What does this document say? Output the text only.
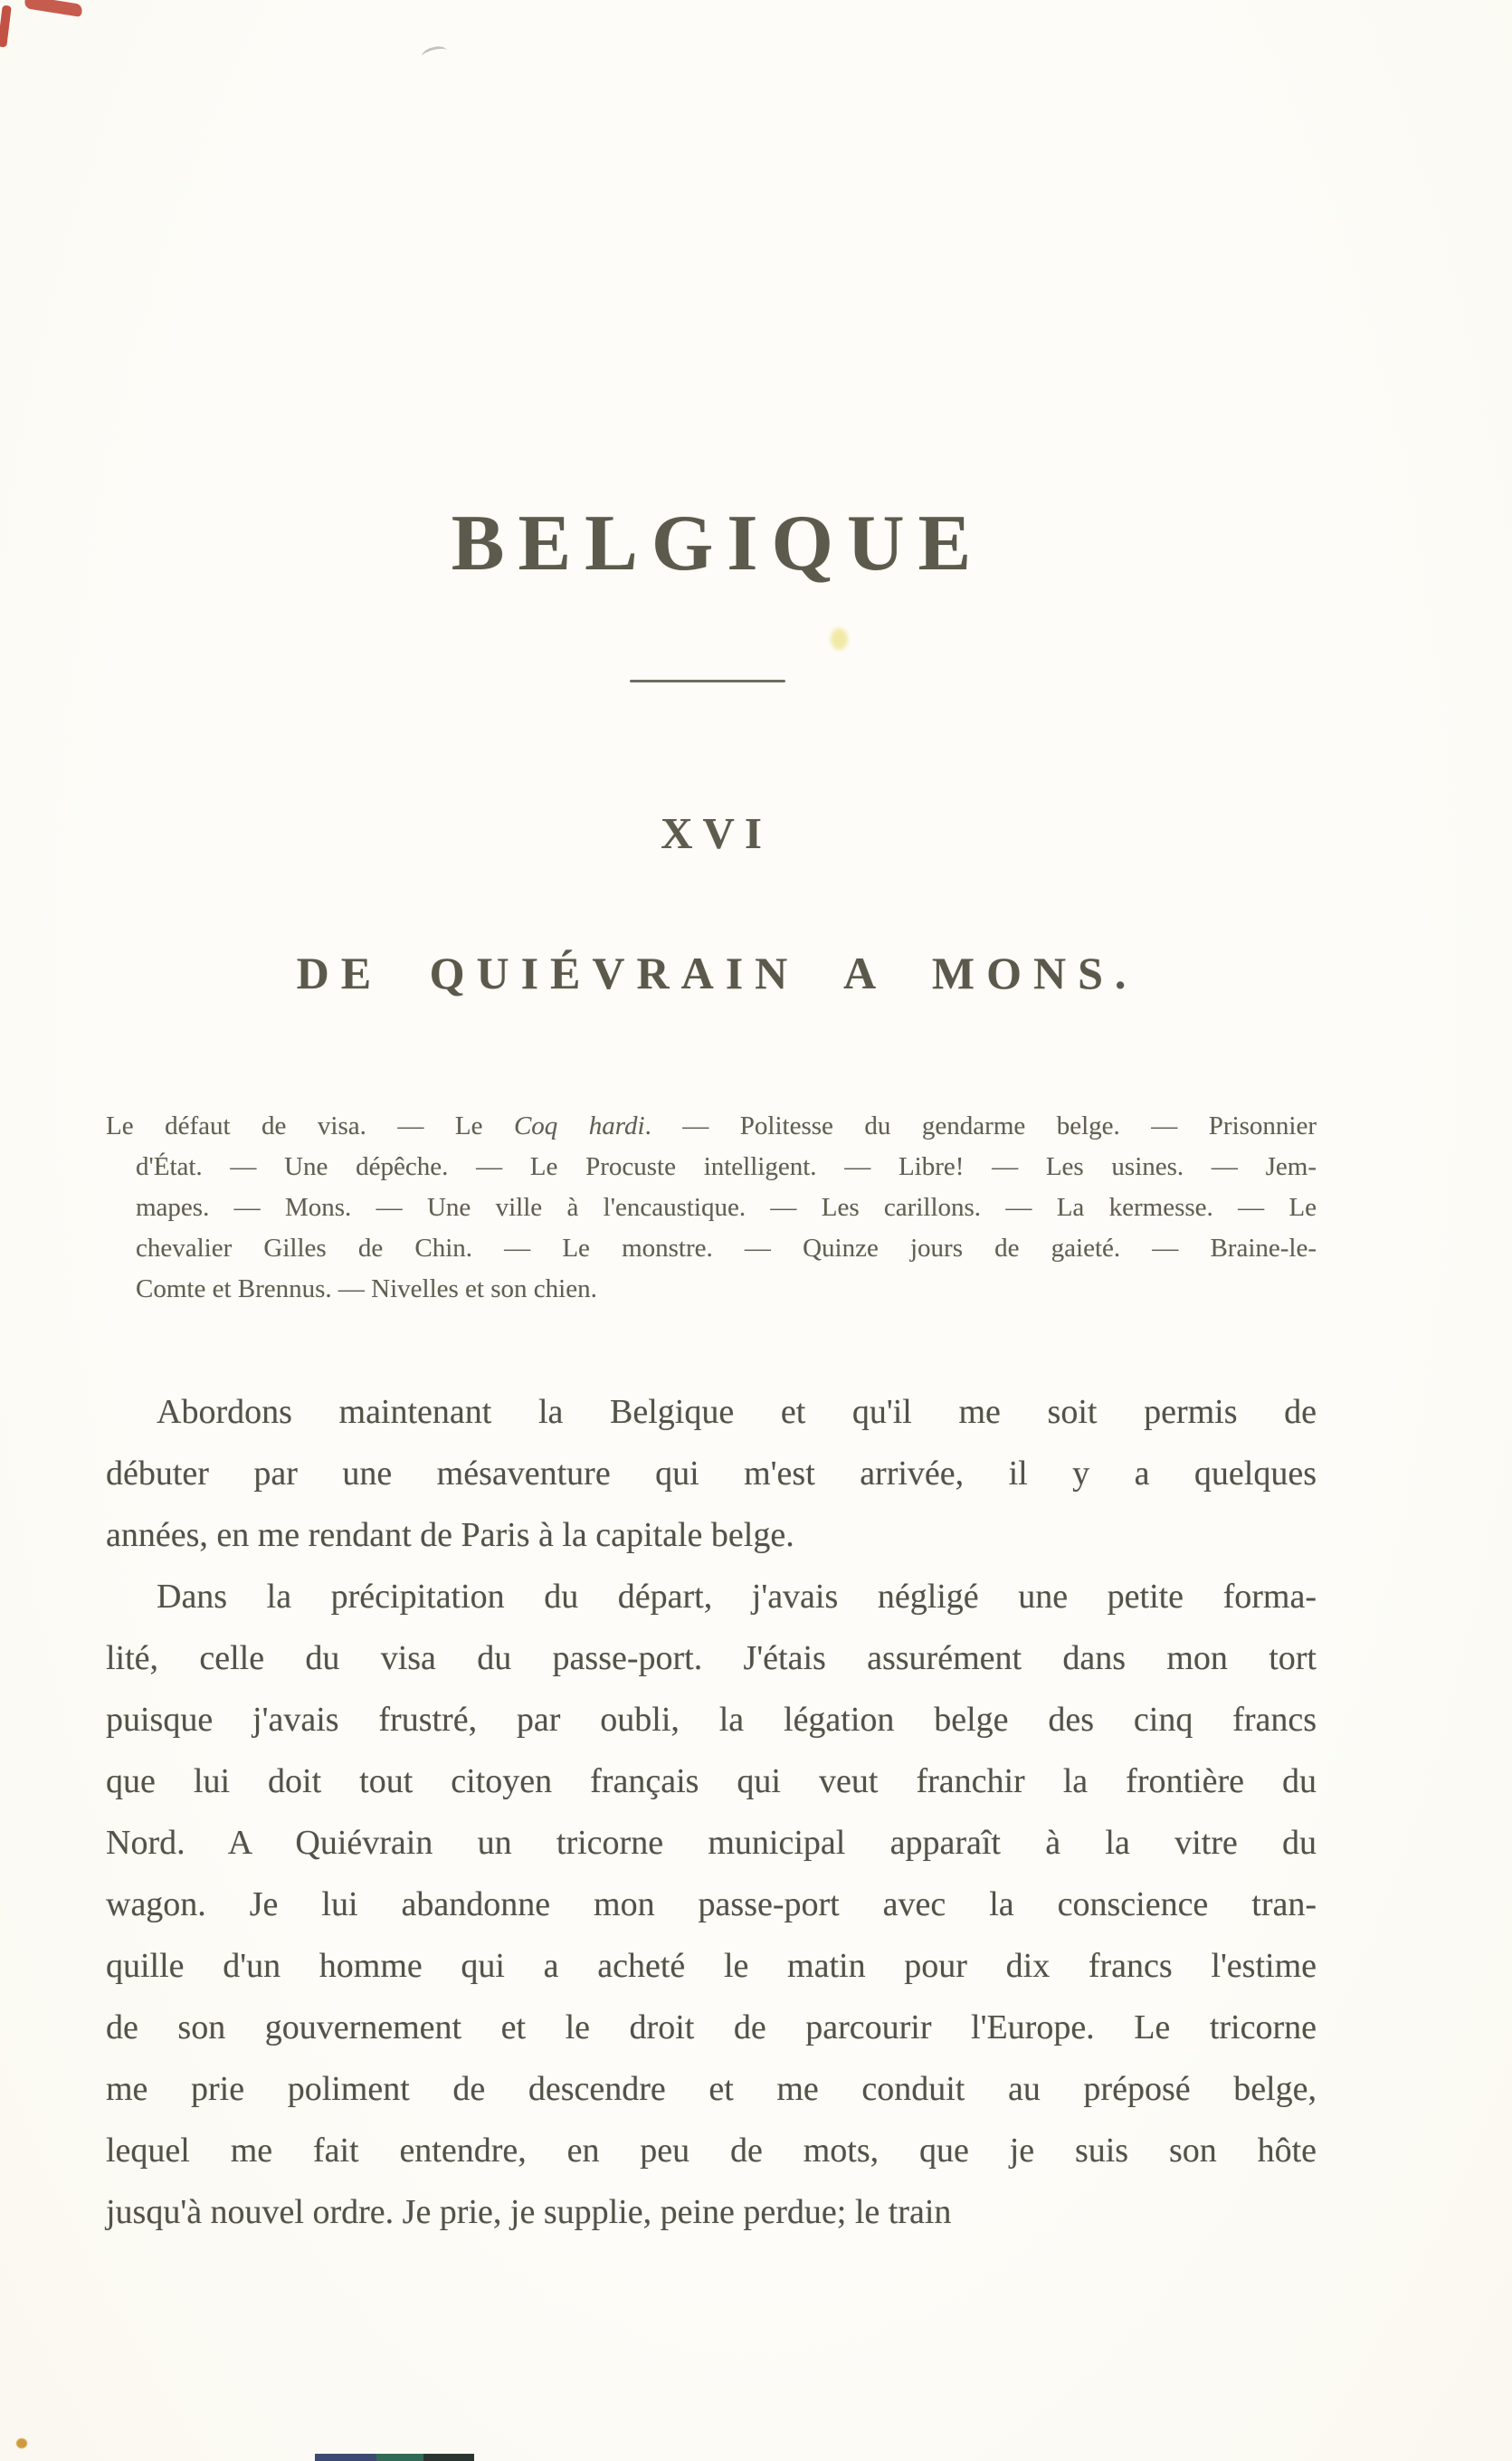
BELGIQUE
XVI
DE QUIÉVRAIN A MONS.
Le défaut de visa. — Le Coq hardi. — Politesse du gendarme belge. — Prisonnier
d'État. — Une dépêche. — Le Procuste intelligent. — Libre! — Les usines. — Jem-
mapes. — Mons. — Une ville à l'encaustique. — Les carillons. — La kermesse. — Le
chevalier Gilles de Chin. — Le monstre. — Quinze jours de gaieté. — Braine-le-
Comte et Brennus. — Nivelles et son chien.
Abordons maintenant la Belgique et qu'il me soit permis de
débuter par une mésaventure qui m'est arrivée, il y a quelques
années, en me rendant de Paris à la capitale belge.
Dans la précipitation du départ, j'avais négligé une petite forma-
lité, celle du visa du passe-port. J'étais assurément dans mon tort
puisque j'avais frustré, par oubli, la légation belge des cinq francs
que lui doit tout citoyen français qui veut franchir la frontière du
Nord. A Quiévrain un tricorne municipal apparaît à la vitre du
wagon. Je lui abandonne mon passe-port avec la conscience tran-
quille d'un homme qui a acheté le matin pour dix francs l'estime
de son gouvernement et le droit de parcourir l'Europe. Le tricorne
me prie poliment de descendre et me conduit au préposé belge,
lequel me fait entendre, en peu de mots, que je suis son hôte
jusqu'à nouvel ordre. Je prie, je supplie, peine perdue; le train
